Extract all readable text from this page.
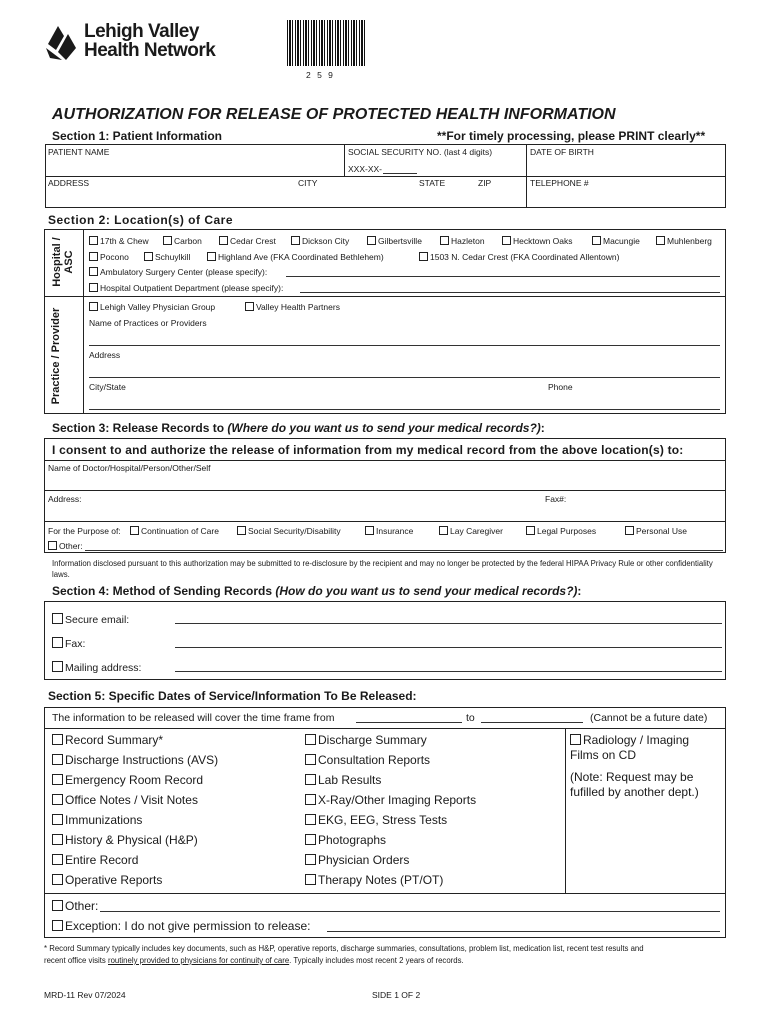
Lehigh Valley
Health Network
2 5 9
AUTHORIZATION FOR RELEASE OF PROTECTED HEALTH INFORMATION
Section 1: Patient Information	**For timely processing, please PRINT clearly**
PATIENT NAME	SOCIAL SECURITY NO. (last 4 digits)
XXX-XX-
DATE OF BIRTH
ADDRESS	CITY	STATE	ZIP	TELEPHONE #
Section 2: Location(s) of Care
Hospital / ASC
Practice / Provider
17th & Chew	Carbon	Cedar Crest	Dickson City	Gilbertsville	Hazleton	Hecktown Oaks	Macungie	Muhlenberg
Pocono	Schuylkill	Highland Ave (FKA Coordinated Bethlehem)	1503 N. Cedar Crest (FKA Coordinated Allentown)
Ambulatory Surgery Center (please specify):
Hospital Outpatient Department (please specify):
Lehigh Valley Physician Group	Valley Health Partners
Name of Practices or Providers
Address
City/State	Phone
Section 3: Release Records to (Where do you want us to send your medical records?):
I consent to and authorize the release of information from my medical record from the above location(s) to:
Name of Doctor/Hospital/Person/Other/Self
Address:	Fax#:
For the Purpose of:	Continuation of Care	Social Security/Disability	Insurance	Lay Caregiver	Legal Purposes	Personal Use
Other:
Information disclosed pursuant to this authorization may be submitted to re-disclosure by the recipient and may no longer be protected by the federal HIPAA Privacy Rule or other confidentiality laws.
Section 4: Method of Sending Records (How do you want us to send your medical records?):
Secure email:
Fax:
Mailing address:
Section 5: Specific Dates of Service/Information To Be Released:
The information to be released will cover the time frame from	to	(Cannot be a future date)
Record Summary*
Discharge Instructions (AVS)
Emergency Room Record
Office Notes / Visit Notes
Immunizations
History & Physical (H&P)
Entire Record
Operative Reports
Discharge Summary
Consultation Reports
Lab Results
X-Ray/Other Imaging Reports
EKG, EEG, Stress Tests
Photographs
Physician Orders
Therapy Notes (PT/OT)
Radiology / Imaging
Films on CD
(Note: Request may be
fufilled by another dept.)
Other:
Exception: I do not give permission to release:
* Record Summary typically includes key documents, such as H&P, operative reports, discharge summaries, consultations, problem list, medication list, recent test results and
recent office visits routinely provided to physicians for continuity of care. Typically includes most recent 2 years of records.
MRD-11 Rev 07/2024	SIDE 1 OF 2
